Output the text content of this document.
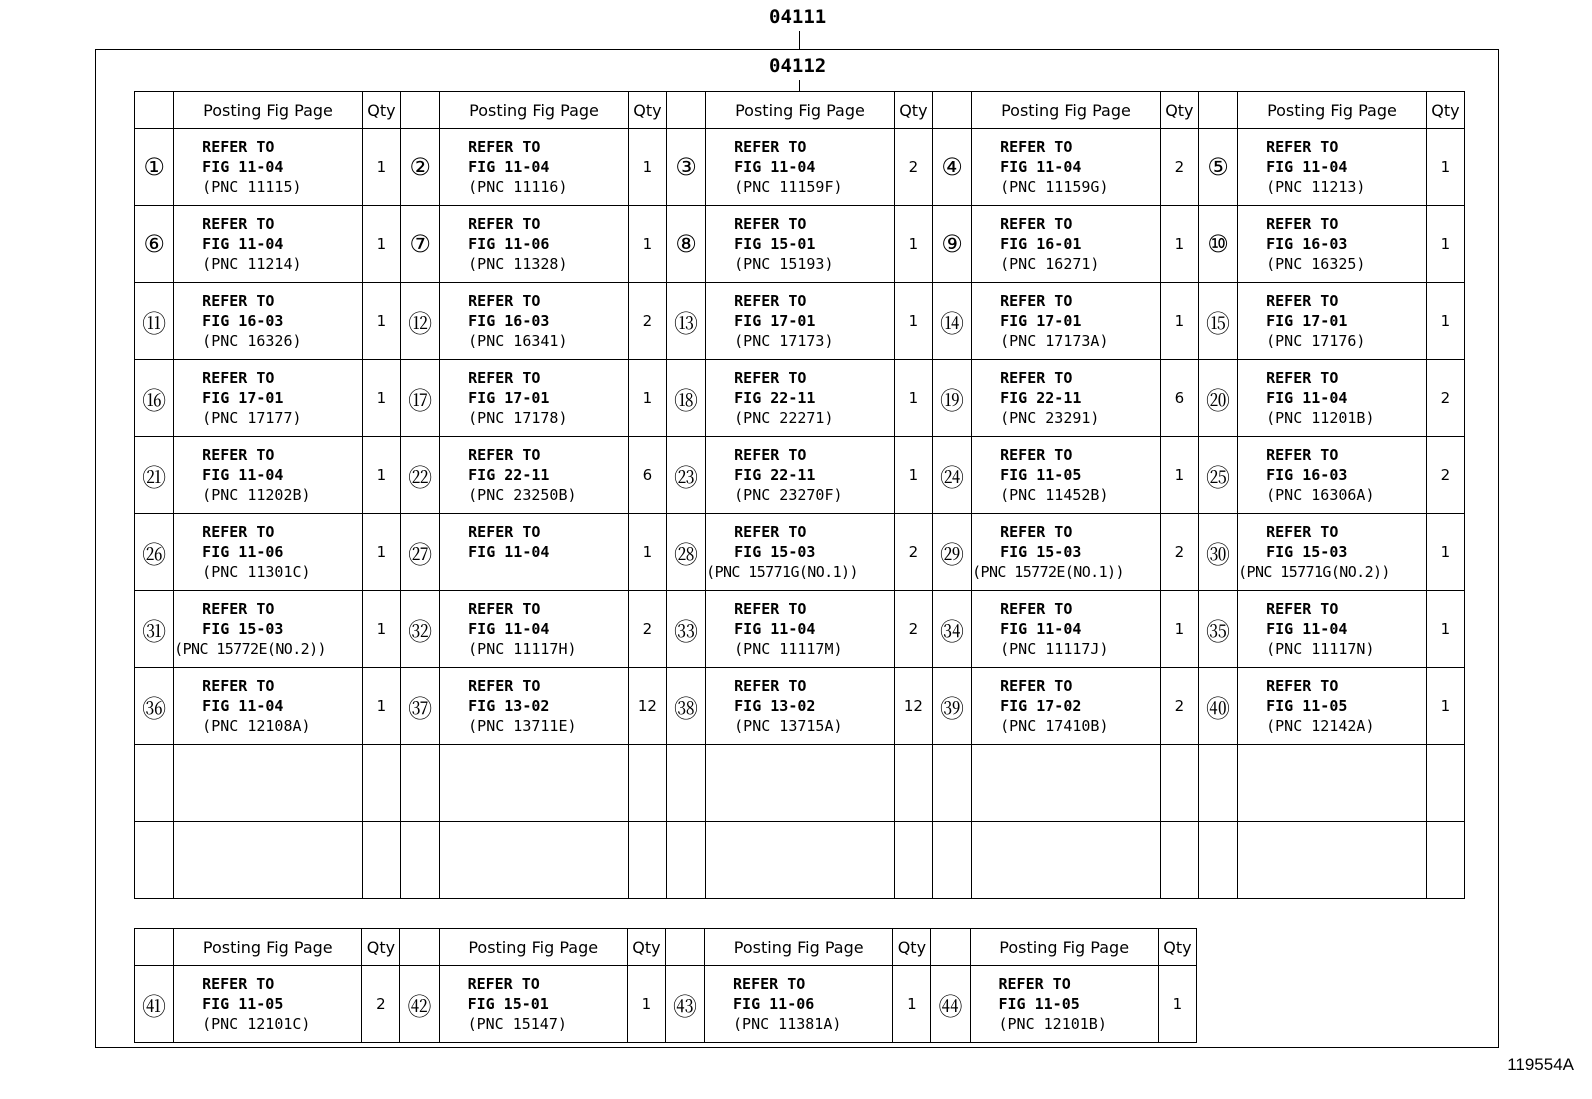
04111
04112
	Posting Fig Page	Qty		Posting Fig Page	Qty		Posting Fig Page	Qty		Posting Fig Page	Qty		Posting Fig Page	Qty
①	REFER TO
FIG 11-04
(PNC 11115)	1	②	REFER TO
FIG 11-04
(PNC 11116)	1	③	REFER TO
FIG 11-04
(PNC 11159F)	2	④	REFER TO
FIG 11-04
(PNC 11159G)	2	⑤	REFER TO
FIG 11-04
(PNC 11213)	1
⑥	REFER TO
FIG 11-04
(PNC 11214)	1	⑦	REFER TO
FIG 11-06
(PNC 11328)	1	⑧	REFER TO
FIG 15-01
(PNC 15193)	1	⑨	REFER TO
FIG 16-01
(PNC 16271)	1	⑩	REFER TO
FIG 16-03
(PNC 16325)	1
⑪	REFER TO
FIG 16-03
(PNC 16326)	1	⑫	REFER TO
FIG 16-03
(PNC 16341)	2	⑬	REFER TO
FIG 17-01
(PNC 17173)	1	⑭	REFER TO
FIG 17-01
(PNC 17173A)	1	⑮	REFER TO
FIG 17-01
(PNC 17176)	1
⑯	REFER TO
FIG 17-01
(PNC 17177)	1	⑰	REFER TO
FIG 17-01
(PNC 17178)	1	⑱	REFER TO
FIG 22-11
(PNC 22271)	1	⑲	REFER TO
FIG 22-11
(PNC 23291)	6	⑳	REFER TO
FIG 11-04
(PNC 11201B)	2
㉑	REFER TO
FIG 11-04
(PNC 11202B)	1	㉒	REFER TO
FIG 22-11
(PNC 23250B)	6	㉓	REFER TO
FIG 22-11
(PNC 23270F)	1	㉔	REFER TO
FIG 11-05
(PNC 11452B)	1	㉕	REFER TO
FIG 16-03
(PNC 16306A)	2
㉖	REFER TO
FIG 11-06
(PNC 11301C)	1	㉗	REFER TO
FIG 11-04	1	㉘	REFER TO
FIG 15-03
(PNC 15771G(NO.1))	2	㉙	REFER TO
FIG 15-03
(PNC 15772E(NO.1))	2	㉚	REFER TO
FIG 15-03
(PNC 15771G(NO.2))	1
㉛	REFER TO
FIG 15-03
(PNC 15772E(NO.2))	1	㉜	REFER TO
FIG 11-04
(PNC 11117H)	2	㉝	REFER TO
FIG 11-04
(PNC 11117M)	2	㉞	REFER TO
FIG 11-04
(PNC 11117J)	1	㉟	REFER TO
FIG 11-04
(PNC 11117N)	1
㊱	REFER TO
FIG 11-04
(PNC 12108A)	1	㊲	REFER TO
FIG 13-02
(PNC 13711E)	12	㊳	REFER TO
FIG 13-02
(PNC 13715A)	12	㊴	REFER TO
FIG 17-02
(PNC 17410B)	2	㊵	REFER TO
FIG 11-05
(PNC 12142A)	1

	Posting Fig Page	Qty		Posting Fig Page	Qty		Posting Fig Page	Qty		Posting Fig Page	Qty
㊶	REFER TO
FIG 11-05
(PNC 12101C)	2	㊷	REFER TO
FIG 15-01
(PNC 15147)	1	㊸	REFER TO
FIG 11-06
(PNC 11381A)	1	㊹	REFER TO
FIG 11-05
(PNC 12101B)	1
119554A
